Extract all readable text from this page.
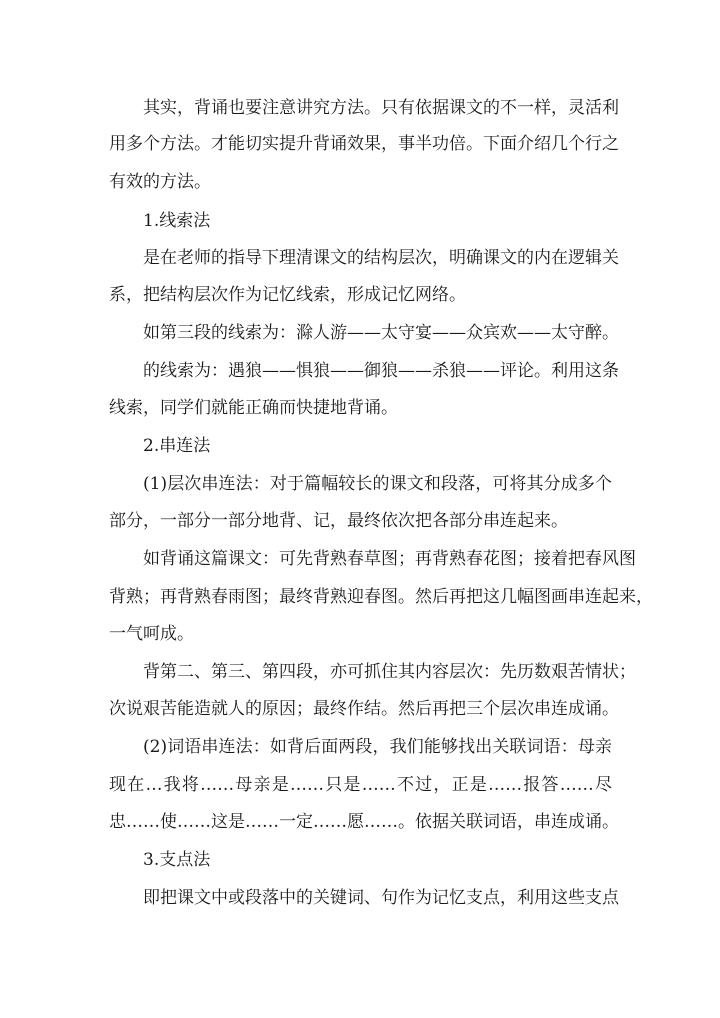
其实，背诵也要注意讲究方法。只有依据课文的不一样，灵活利
用多个方法。才能切实提升背诵效果，事半功倍。下面介绍几个行之
有效的方法。
1.线索法
是在老师的指导下理清课文的结构层次，明确课文的内在逻辑关
系，把结构层次作为记忆线索，形成记忆网络。
如第三段的线索为：滁人游——太守宴——众宾欢——太守醉。
的线索为：遇狼——惧狼——御狼——杀狼——评论。利用这条
线索，同学们就能正确而快捷地背诵。
2.串连法
(1)层次串连法：对于篇幅较长的课文和段落，可将其分成多个
部分，一部分一部分地背、记，最终依次把各部分串连起来。
如背诵这篇课文：可先背熟春草图；再背熟春花图；接着把春风图
背熟；再背熟春雨图；最终背熟迎春图。然后再把这几幅图画串连起来，
一气呵成。
背第二、第三、第四段，亦可抓住其内容层次：先历数艰苦情状；
次说艰苦能造就人的原因；最终作结。然后再把三个层次串连成诵。
(2)词语串连法：如背后面两段，我们能够找出关联词语：母亲
现在…我将……母亲是……只是……不过，正是……报答……尽
忠……使……这是……一定……愿……。依据关联词语，串连成诵。
3.支点法
即把课文中或段落中的关键词、句作为记忆支点，利用这些支点
